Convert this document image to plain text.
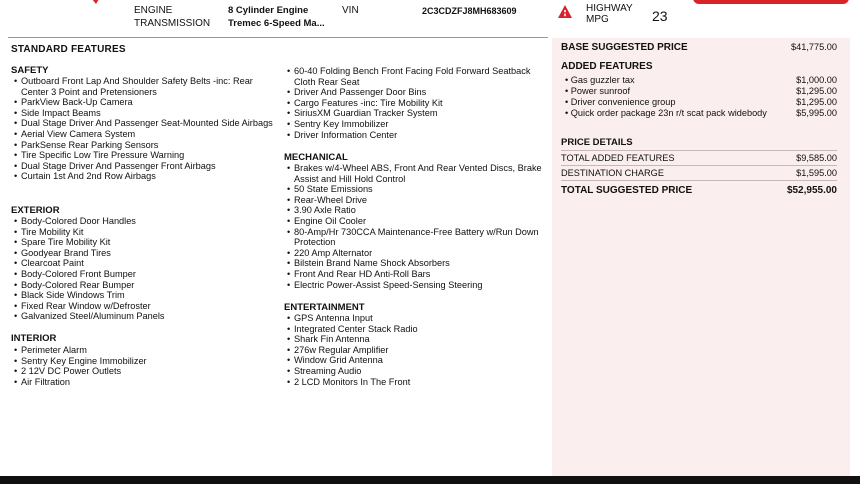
ENGINE	8 Cylinder Engine
TRANSMISSION Tremec 6-Speed Ma...
VIN	2C3CDZFJ8MH683609	HIGHWAY
MPG	23
STANDARD FEATURES
SAFETY
• Outboard Front Lap And Shoulder Safety Belts -inc: Rear Center 3 Point and Pretensioners
• ParkView Back-Up Camera
• Side Impact Beams
• Dual Stage Driver And Passenger Seat-Mounted Side Airbags
• Aerial View Camera System
• ParkSense Rear Parking Sensors
• Tire Specific Low Tire Pressure Warning
• Dual Stage Driver And Passenger Front Airbags
• Curtain 1st And 2nd Row Airbags
EXTERIOR
• Body-Colored Door Handles
• Tire Mobility Kit
• Spare Tire Mobility Kit
• Goodyear Brand Tires
• Clearcoat Paint
• Body-Colored Front Bumper
• Body-Colored Rear Bumper
• Black Side Windows Trim
• Fixed Rear Window w/Defroster
• Galvanized Steel/Aluminum Panels
INTERIOR
• Perimeter Alarm
• Sentry Key Engine Immobilizer
• 2 12V DC Power Outlets
• Air Filtration
• 60-40 Folding Bench Front Facing Fold Forward Seatback Cloth Rear Seat
• Driver And Passenger Door Bins
• Cargo Features -inc: Tire Mobility Kit
• SiriusXM Guardian Tracker System
• Sentry Key Immobilizer
• Driver Information Center
MECHANICAL
• Brakes w/4-Wheel ABS, Front And Rear Vented Discs, Brake Assist and Hill Hold Control
• 50 State Emissions
• Rear-Wheel Drive
• 3.90 Axle Ratio
• Engine Oil Cooler
• 80-Amp/Hr 730CCA Maintenance-Free Battery w/Run Down Protection
• 220 Amp Alternator
• Bilstein Brand Name Shock Absorbers
• Front And Rear HD Anti-Roll Bars
• Electric Power-Assist Speed-Sensing Steering
ENTERTAINMENT
• GPS Antenna Input
• Integrated Center Stack Radio
• Shark Fin Antenna
• 276w Regular Amplifier
• Window Grid Antenna
• Streaming Audio
• 2 LCD Monitors In The Front
BASE SUGGESTED PRICE	$41,775.00
ADDED FEATURES
• Gas guzzler tax	$1,000.00
• Power sunroof	$1,295.00
• Driver convenience group	$1,295.00
• Quick order package 23n r/t scat pack widebody	$5,995.00
PRICE DETAILS
TOTAL ADDED FEATURES	$9,585.00
DESTINATION CHARGE	$1,595.00
TOTAL SUGGESTED PRICE	$52,955.00
